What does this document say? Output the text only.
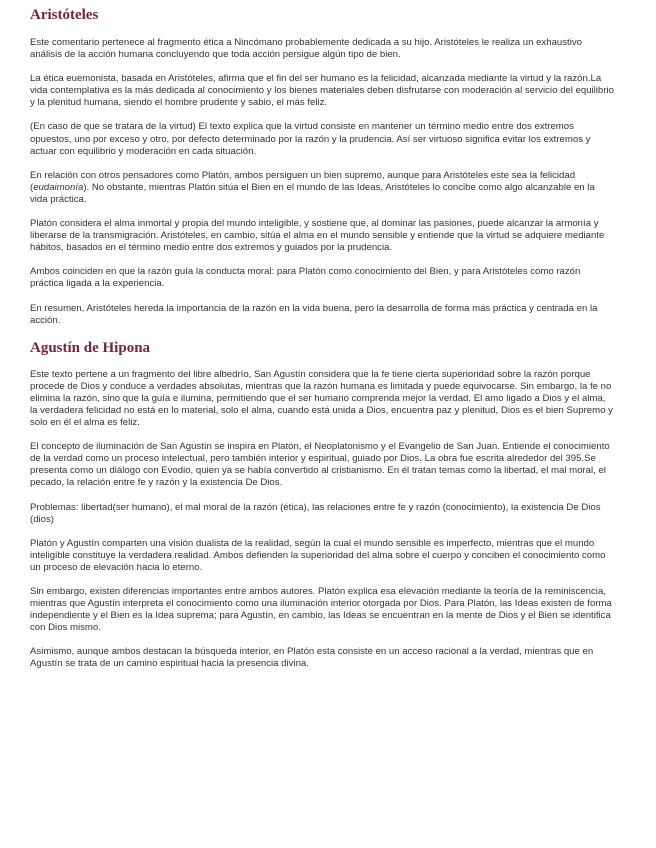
Aristóteles

Este comentario pertenece al fragmento ética a Nincómano probablemente dedicada a su hijo. Aristóteles le realiza un exhaustivo análisis de la acción humana concluyendo que toda acción persigue algún tipo de bien.

La ética euemonista, basada en Aristóteles, afirma que el fin del ser humano es la felicidad, alcanzada mediante la virtud y la razón.La vida contemplativa es la más dedicada al conocimiento y los bienes materiales deben disfrutarse con moderación al servicio del equilibrio y la plenitud humana, siendo el hombre prudente y sabio, el más feliz.

(En caso de que se tratara de la virtud) El texto explica que la virtud consiste en mantener un término medio entre dos extremos opuestos, uno por exceso y otro, por defecto determinado por la razón y la prudencia. Así ser virtuoso significa evitar los extremos y actuar con equilibrio y moderación en cada situación.

En relación con otros pensadores como Platón, ambos persiguen un bien supremo, aunque para Aristóteles este sea la felicidad (eudaimonía). No obstante, mientras Platón sitúa el Bien en el mundo de las Ideas, Aristóteles lo concibe como algo alcanzable en la vida práctica.

Platón considera el alma inmortal y propia del mundo inteligible, y sostiene que, al dominar las pasiones, puede alcanzar la armonía y liberarse de la transmigración. Aristóteles, en cambio, sitúa el alma en el mundo sensible y entiende que la virtud se adquiere mediante hábitos, basados en el término medio entre dos extremos y guiados por la prudencia.

Ambos coinciden en que la razón guía la conducta moral: para Platón como conocimiento del Bien, y para Aristóteles como razón práctica ligada a la experiencia.

En resumen, Aristóteles hereda la importancia de la razón en la vida buena, pero la desarrolla de forma más práctica y centrada en la acción.

Agustín de Hipona

Este texto pertene a un fragmento del libre albedrío, San Agustín considera que la fe tiene cierta superioridad sobre la razón porque procede de Dios y conduce a verdades absolutas, mientras que la razón humana es limitada y puede equivocarse. Sin embargo, la fe no elimina la razón, sino que la guía e ilumina, permitiendo que el ser humano comprenda mejor la verdad. El amo ligado a Dios y el alma, la verdadera felicidad no está en lo material, solo el alma, cuando está unida a Dios, encuentra paz y plenitud, Dios es el bien Supremo y solo en él el alma es feliz.

El concepto de iluminación de San Agustín se inspira en Platón, el Neoplatonismo y el Evangelio de San Juan. Entiende el conocimiento de la verdad como un proceso intelectual, pero también interior y espiritual, guiado por Dios. La obra fue escrita alrededor del 395.Se presenta como un diálogo con Evodio, quien ya se había convertido al cristianismo. En él tratan temas como la libertad, el mal moral, el pecado, la relación entre fe y razón y la existencia De Dios.

Problemas: libertad(ser humano), el mal moral de la razón (ética), las relaciones entre fe y razón (conocimiento), la existencia De Dios (dios)

Platón y Agustín comparten una visión dualista de la realidad, según la cual el mundo sensible es imperfecto, mientras que el mundo inteligible constituye la verdadera realidad. Ambos defienden la superioridad del alma sobre el cuerpo y conciben el conocimiento como un proceso de elevación hacia lo eterno.

Sin embargo, existen diferencias importantes entre ambos autores. Platón explica esa elevación mediante la teoría de la reminiscencia, mientras que Agustín interpreta el conocimiento como una iluminación interior otorgada por Dios. Para Platón, las Ideas existen de forma independiente y el Bien es la Idea suprema; para Agustín, en cambio, las Ideas se encuentran en la mente de Dios y el Bien se identifica con Dios mismo.

Asimismo, aunque ambos destacan la búsqueda interior, en Platón esta consiste en un acceso racional a la verdad, mientras que en Agustín se trata de un camino espiritual hacia la presencia divina.
